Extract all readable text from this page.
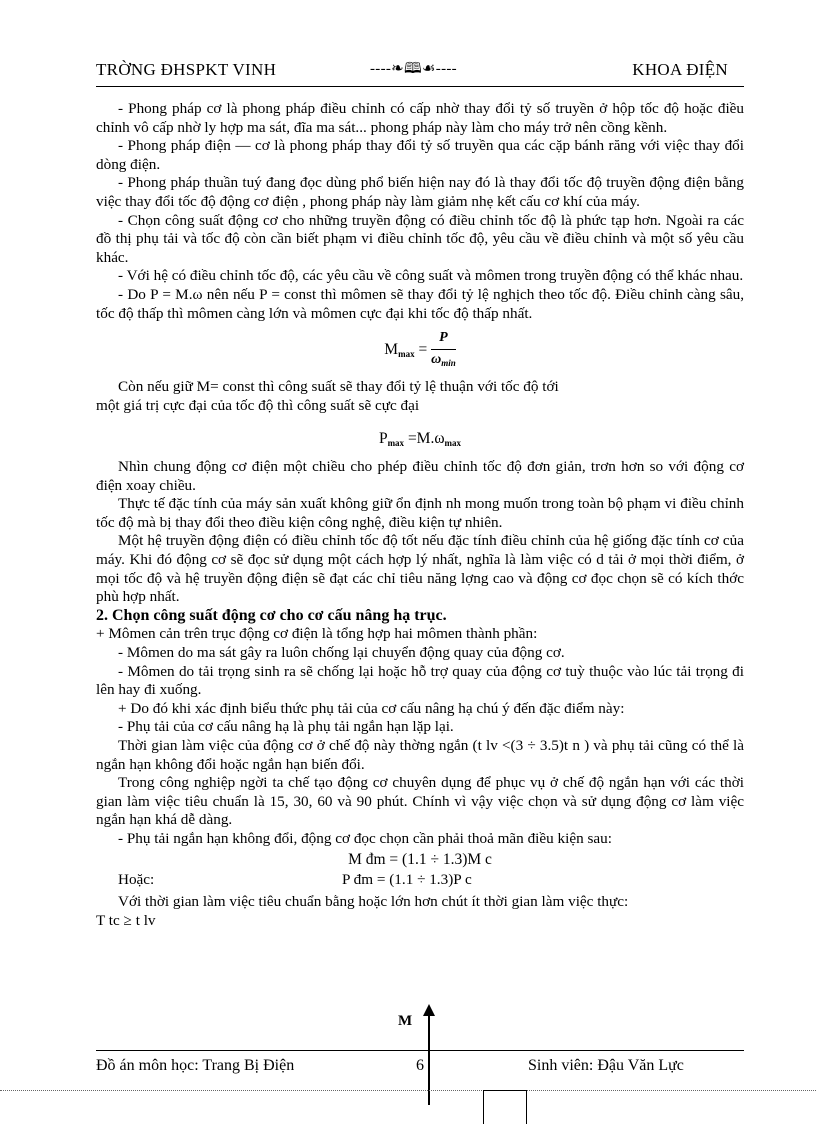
TRỜNG ĐHSPKT VINH	----❧🕮☙----	KHOA ĐIỆN

- Phong pháp cơ là phong pháp điều chỉnh có cấp nhờ thay đổi tỷ số truyền ở hộp tốc độ hoặc điều chỉnh vô cấp nhờ ly hợp ma sát, đĩa ma sát... phong pháp này làm cho máy trở nên cồng kềnh.

- Phong pháp điện — cơ là phong pháp thay đổi tỷ số truyền qua các cặp bánh răng với việc thay đổi dòng điện.

- Phong pháp thuần tuý đang đọc dùng phổ biến hiện nay đó là thay đổi tốc độ truyền động điện bằng việc thay đổi tốc độ động cơ điện , phong pháp này làm giảm nhẹ kết cấu cơ khí của máy.

- Chọn công suất động cơ cho những truyền động có điều chỉnh tốc độ là phức tạp hơn. Ngoài ra các đồ thị phụ tải và tốc độ còn cần biết phạm vi điều chỉnh tốc độ, yêu cầu về điều chỉnh và một số yêu cầu khác.

- Với hệ có điều chỉnh tốc độ, các yêu cầu về công suất và mômen trong truyền động có thể khác nhau.

- Do P = M.ω nên nếu P = const thì mômen sẽ thay đổi tỷ lệ nghịch theo tốc độ. Điều chỉnh càng sâu, tốc độ thấp thì mômen càng lớn và mômen cực đại khi tốc độ thấp nhất.

$M_{max} = \frac{P}{\omega_{min}}$

Còn nếu giữ M= const thì công suất sẽ thay đổi tỷ lệ thuận với tốc độ tới

một giá trị cực đại của tốc độ thì công suất sẽ cực đại

$P_{max} =M.\omega_{max}$

Nhìn chung động cơ điện một chiều cho phép điều chỉnh tốc độ đơn giản, trơn hơn so với động cơ điện xoay chiều.

Thực tế đặc tính của máy sản xuất không giữ ổn định nh mong muốn trong toàn bộ phạm vi điều chỉnh tốc độ mà bị thay đổi theo điều kiện công nghệ, điều kiện tự nhiên.

Một hệ truyền động điện có điều chỉnh tốc độ tốt nếu đặc tính điều chỉnh của hệ giống đặc tính cơ của máy. Khi đó động cơ sẽ đọc sử dụng một cách hợp lý nhất, nghĩa là làm việc có d tải ở mọi thời điểm, ở mọi tốc độ và hệ truyền động điện sẽ đạt các chỉ tiêu năng lợng cao và động cơ đọc chọn sẽ có kích thớc phù hợp nhất.

2. Chọn công suất động cơ cho cơ cấu nâng hạ trục.

+ Mômen cản trên trục động cơ điện là tổng hợp hai mômen thành phần:

- Mômen do ma sát gây ra luôn chống lại chuyển động quay của động cơ.

- Mômen do tải trọng sinh ra sẽ chống lại hoặc hỗ trợ quay của động cơ tuỳ thuộc vào lúc tải trọng đi lên hay đi xuống.

+ Do đó khi xác định biểu thức phụ tải của cơ cấu nâng hạ chú ý đến đặc điểm này:

- Phụ tải của cơ cấu nâng hạ là phụ tải ngắn hạn lặp lại.

Thời gian làm việc của động cơ ở chế độ này thờng ngắn (t lv <(3 ÷ 3.5)t n ) và phụ tải cũng có thể là ngắn hạn không đổi hoặc ngắn hạn biến đổi.

Trong công nghiệp ngời ta chế tạo động cơ chuyên dụng để phục vụ ở chế độ ngắn hạn với các thời gian làm việc tiêu chuẩn là 15, 30, 60 và 90 phút. Chính vì vậy việc chọn và sử dụng động cơ làm việc ngắn hạn khá dễ dàng.

- Phụ tải ngắn hạn không đổi, động cơ đọc chọn cần phải thoả mãn điều kiện sau:

M đm = (1.1 ÷ 1.3)M c
Hoặc:	P đm = (1.1 ÷ 1.3)P c

Với thời gian làm việc tiêu chuẩn bằng hoặc lớn hơn chút ít thời gian làm việc thực:

T tc ≥ t lv

M
Đồ án môn học: Trang Bị Điện	6	Sinh viên: Đậu Văn Lực
